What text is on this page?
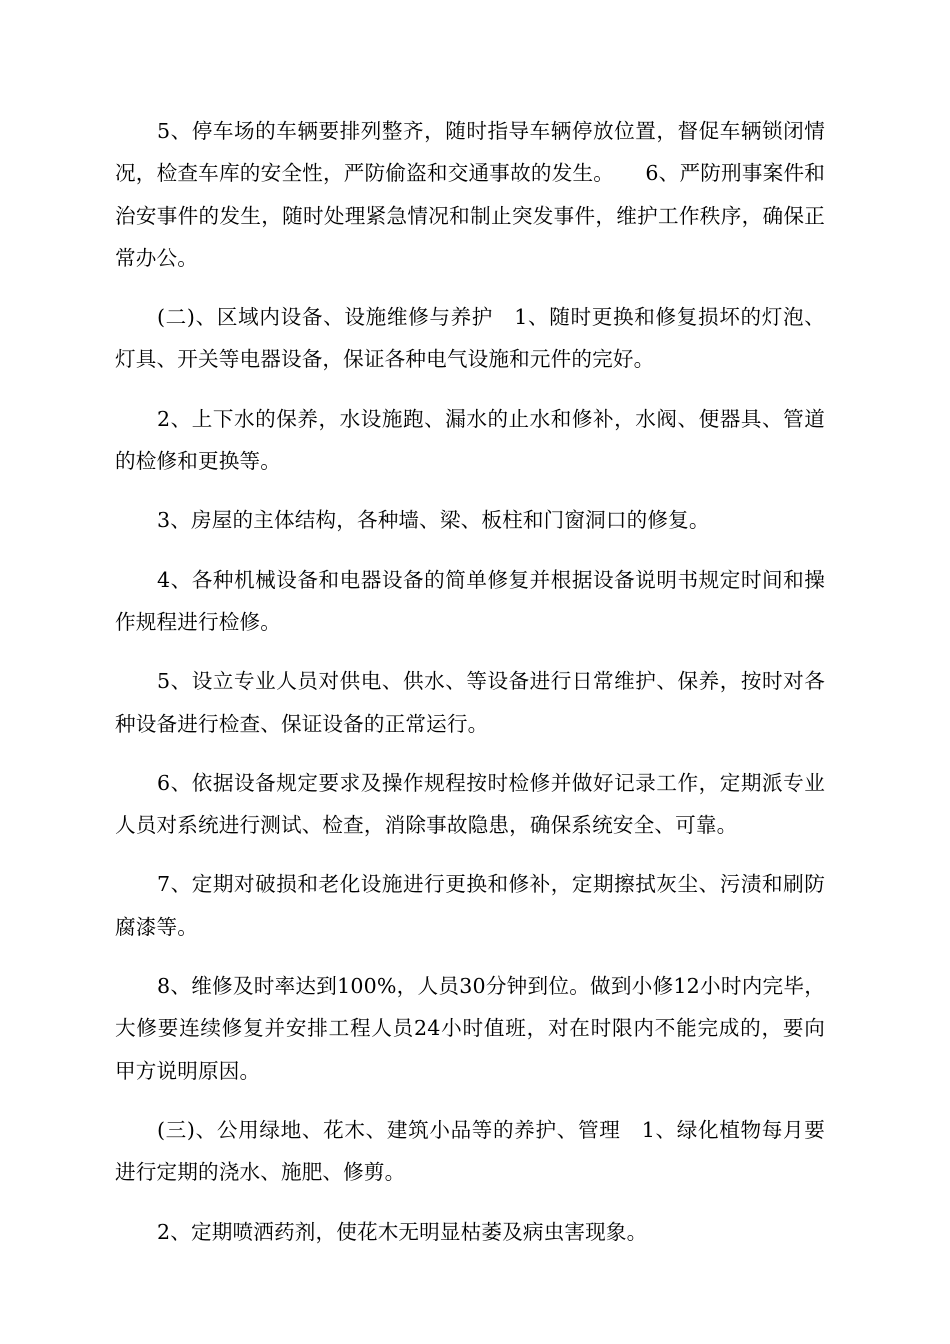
5、停车场的车辆要排列整齐，随时指导车辆停放位置，督促车辆锁闭情况，检查车库的安全性，严防偷盗和交通事故的发生。　　6、严防刑事案件和治安事件的发生，随时处理紧急情况和制止突发事件，维护工作秩序，确保正常办公。

(二)、区域内设备、设施维修与养护　1、随时更换和修复损坏的灯泡、灯具、开关等电器设备，保证各种电气设施和元件的完好。

2、上下水的保养，水设施跑、漏水的止水和修补，水阀、便器具、管道的检修和更换等。

3、房屋的主体结构，各种墙、梁、板柱和门窗洞口的修复。

4、各种机械设备和电器设备的简单修复并根据设备说明书规定时间和操作规程进行检修。

5、设立专业人员对供电、供水、等设备进行日常维护、保养，按时对各种设备进行检查、保证设备的正常运行。

6、依据设备规定要求及操作规程按时检修并做好记录工作，定期派专业人员对系统进行测试、检查，消除事故隐患，确保系统安全、可靠。

7、定期对破损和老化设施进行更换和修补，定期擦拭灰尘、污渍和刷防腐漆等。

8、维修及时率达到100%，人员30分钟到位。做到小修12小时内完毕，大修要连续修复并安排工程人员24小时值班，对在时限内不能完成的，要向甲方说明原因。

(三)、公用绿地、花木、建筑小品等的养护、管理　1、绿化植物每月要进行定期的浇水、施肥、修剪。

2、定期喷洒药剂，使花木无明显枯萎及病虫害现象。
